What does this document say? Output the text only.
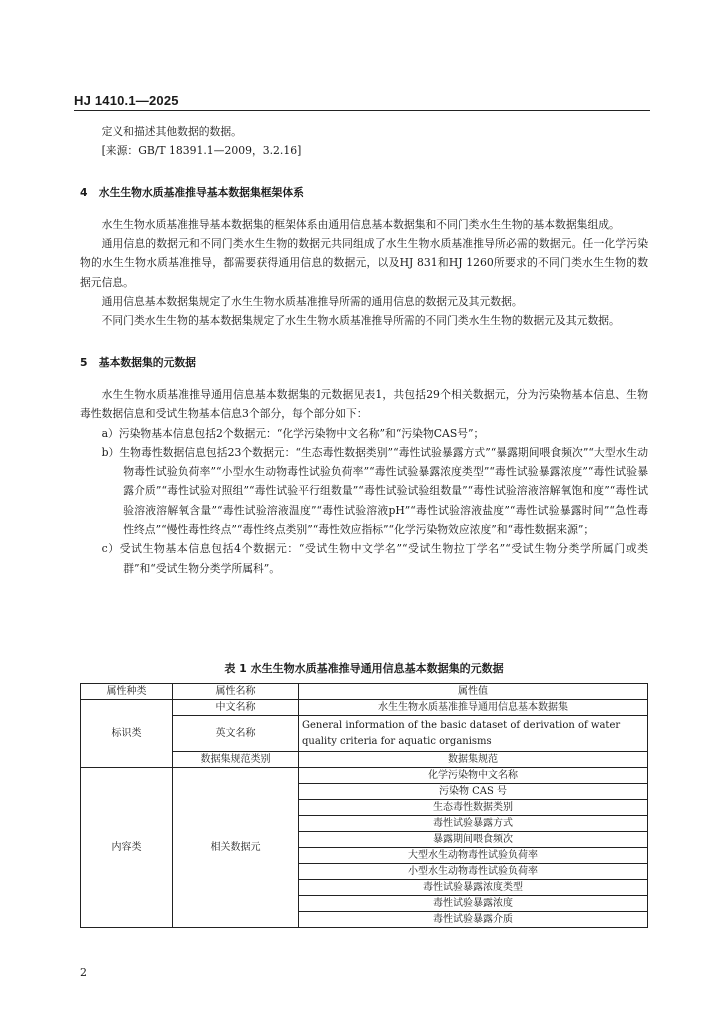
HJ 1410.1—2025

定义和描述其他数据的数据。

[来源：GB/T 18391.1—2009，3.2.16]

4 水生生物水质基准推导基本数据集框架体系

水生生物水质基准推导基本数据集的框架体系由通用信息基本数据集和不同门类水生生物的基本数据集组成。

通用信息的数据元和不同门类水生生物的数据元共同组成了水生生物水质基准推导所必需的数据元。任一化学污染物的水生生物水质基准推导，都需要获得通用信息的数据元，以及HJ 831和HJ 1260所要求的不同门类水生生物的数据元信息。

通用信息基本数据集规定了水生生物水质基准推导所需的通用信息的数据元及其元数据。

不同门类水生生物的基本数据集规定了水生生物水质基准推导所需的不同门类水生生物的数据元及其元数据。

5 基本数据集的元数据

水生生物水质基准推导通用信息基本数据集的元数据见表1，共包括29个相关数据元，分为污染物基本信息、生物毒性数据信息和受试生物基本信息3个部分，每个部分如下：

a）污染物基本信息包括2个数据元：“化学污染物中文名称”和“污染物CAS号”；

b）生物毒性数据信息包括23个数据元：“生态毒性数据类别”“毒性试验暴露方式”“暴露期间喂食频次”“大型水生动物毒性试验负荷率”“小型水生动物毒性试验负荷率”“毒性试验暴露浓度类型”“毒性试验暴露浓度”“毒性试验暴露介质”“毒性试验对照组”“毒性试验平行组数量”“毒性试验试验组数量”“毒性试验溶液溶解氧饱和度”“毒性试验溶液溶解氧含量”“毒性试验溶液温度”“毒性试验溶液pH”“毒性试验溶液盐度”“毒性试验暴露时间”“急性毒性终点”“慢性毒性终点”“毒性终点类别”“毒性效应指标”“化学污染物效应浓度”和“毒性数据来源”；

c）受试生物基本信息包括4个数据元：“受试生物中文学名”“受试生物拉丁学名”“受试生物分类学所属门或类群”和“受试生物分类学所属科”。

表 1 水生生物水质基准推导通用信息基本数据集的元数据
属性种类	属性名称	属性值
标识类	中文名称	水生生物水质基准推导通用信息基本数据集
	英文名称	General information of the basic dataset of derivation of water quality criteria for aquatic organisms
	数据集规范类别	数据集规范
内容类	相关数据元	化学污染物中文名称
		污染物 CAS 号
		生态毒性数据类别
		毒性试验暴露方式
		暴露期间喂食频次
		大型水生动物毒性试验负荷率
		小型水生动物毒性试验负荷率
		毒性试验暴露浓度类型
		毒性试验暴露浓度
		毒性试验暴露介质
2
